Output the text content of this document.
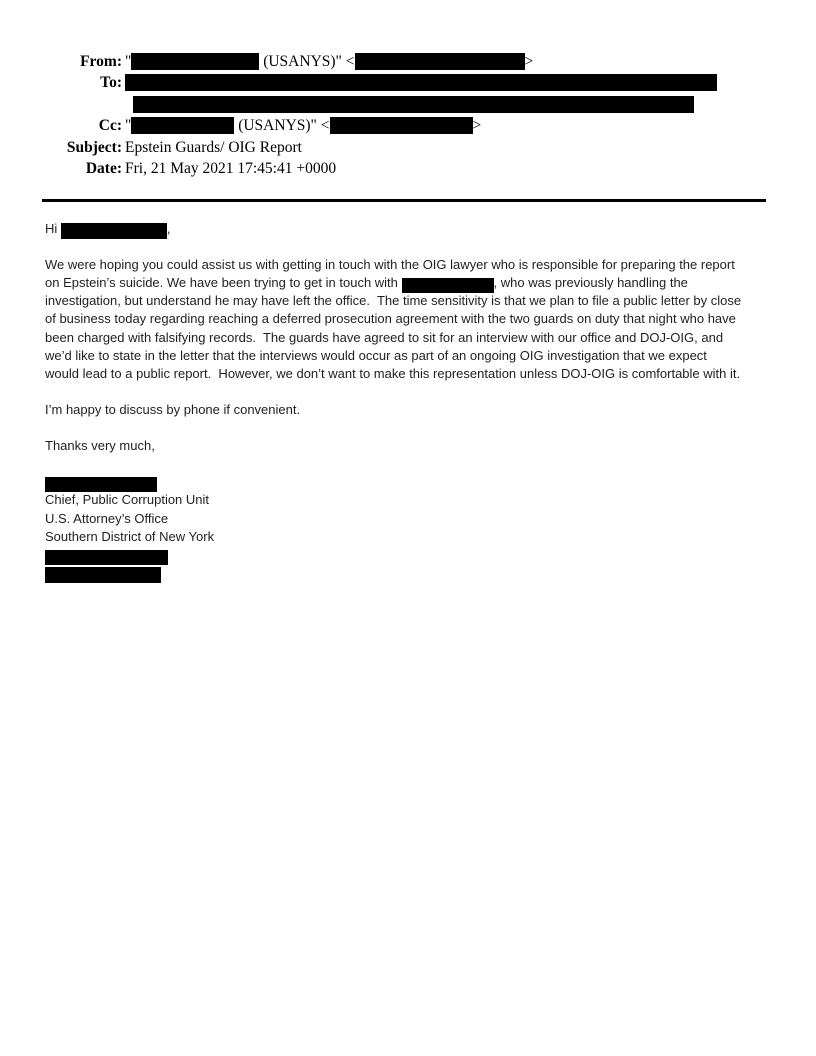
From: "	(USANYS)" <	>
To:
Cc: "	(USANYS)" <	>
Subject: Epstein Guards/ OIG Report
Date: Fri, 21 May 2021 17:45:41 +0000
Hi	,
We were hoping you could assist us with getting in touch with the OIG lawyer who is responsible for preparing the report
on Epstein’s suicide. We have been trying to get in touch with	, who was previously handling the
investigation, but understand he may have left the office.  The time sensitivity is that we plan to file a public letter by close
of business today regarding reaching a deferred prosecution agreement with the two guards on duty that night who have
been charged with falsifying records.  The guards have agreed to sit for an interview with our office and DOJ-OIG, and
we’d like to state in the letter that the interviews would occur as part of an ongoing OIG investigation that we expect
would lead to a public report.  However, we don’t want to make this representation unless DOJ-OIG is comfortable with it.
I’m happy to discuss by phone if convenient.
Thanks very much,
Chief, Public Corruption Unit
U.S. Attorney’s Office
Southern District of New York
